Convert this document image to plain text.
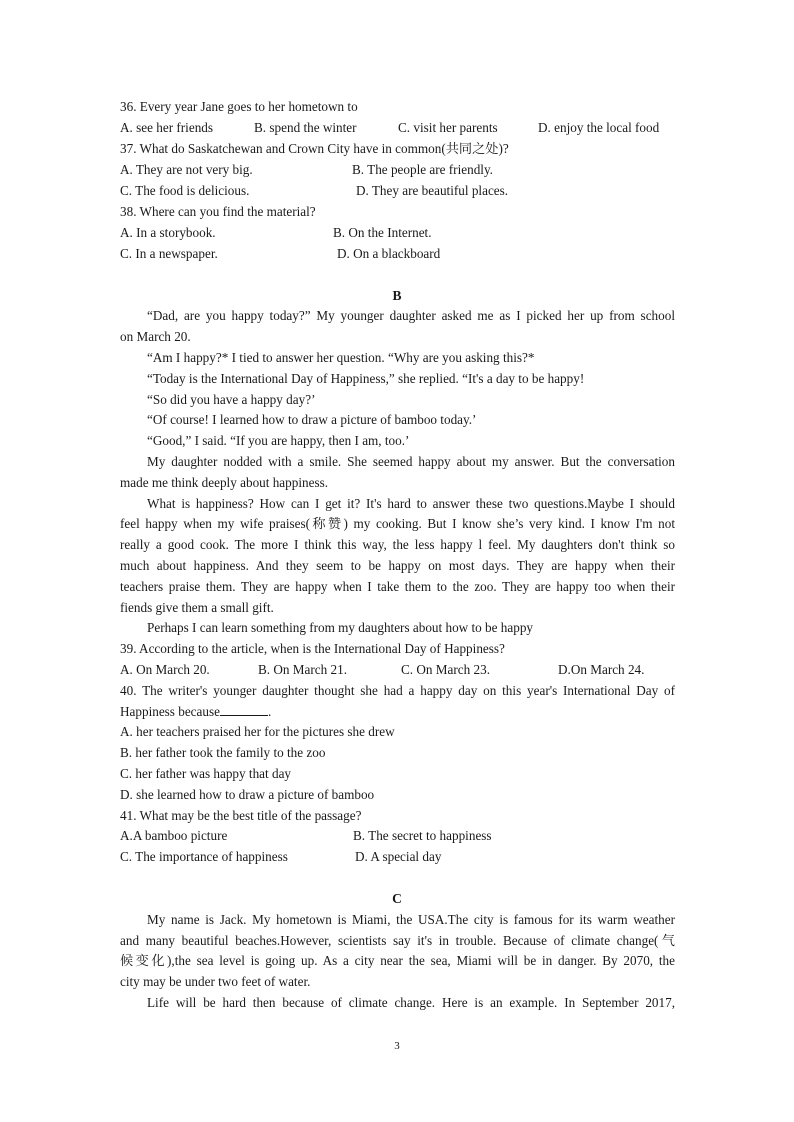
36. Every year Jane goes to her hometown to
A. see her friends	B. spend the winter	C. visit her parents	D. enjoy the local food
37. What do Saskatchewan and Crown City have in common(共同之处)?
A. They are not very big.	B. The people are friendly.
C. The food is delicious.	D. They are beautiful places.
38. Where can you find the material?
A. In a storybook.	B. On the Internet.
C. In a newspaper.	D. On a blackboard
B
“Dad, are you happy today?” My younger daughter asked me as I picked her up from school
on March 20.
“Am I happy?* I tied to answer her question. “Why are you asking this?*
“Today is the International Day of Happiness,” she replied. “It's a day to be happy!
“So did you have a happy day?’
“Of course! I learned how to draw a picture of bamboo today.’
“Good,” I said. “If you are happy, then I am, too.’
My daughter nodded with a smile. She seemed happy about my answer. But the conversation
made me think deeply about happiness.
What is happiness? How can I get it? It's hard to answer these two questions.Maybe I should
feel happy when my wife praises(称赞) my cooking. But I know she’s very kind. I know I'm not
really a good cook. The more I think this way, the less happy l feel. My daughters don't think so
much about happiness. And they seem to be happy on most days. They are happy when their
teachers praise them. They are happy when I take them to the zoo. They are happy too when their
fiends give them a small gift.
Perhaps I can learn something from my daughters about how to be happy
39. According to the article, when is the International Day of Happiness?
A. On March 20.	B. On March 21.	C. On March 23.	D.On March 24.
40. The writer's younger daughter thought she had a happy day on this year's International Day of
Happiness because	.
A. her teachers praised her for the pictures she drew
B. her father took the family to the zoo
C. her father was happy that day
D. she learned how to draw a picture of bamboo
41. What may be the best title of the passage?
A.A bamboo picture	B. The secret to happiness
C. The importance of happiness	D. A special day
C
My name is Jack. My hometown is Miami, the USA.The city is famous for its warm weather
and many beautiful beaches.However, scientists say it's in trouble. Because of climate change(气
候变化),the sea level is going up. As a city near the sea, Miami will be in danger. By 2070, the
city may be under two feet of water.
Life will be hard then because of climate change. Here is an example. In September 2017,
3
